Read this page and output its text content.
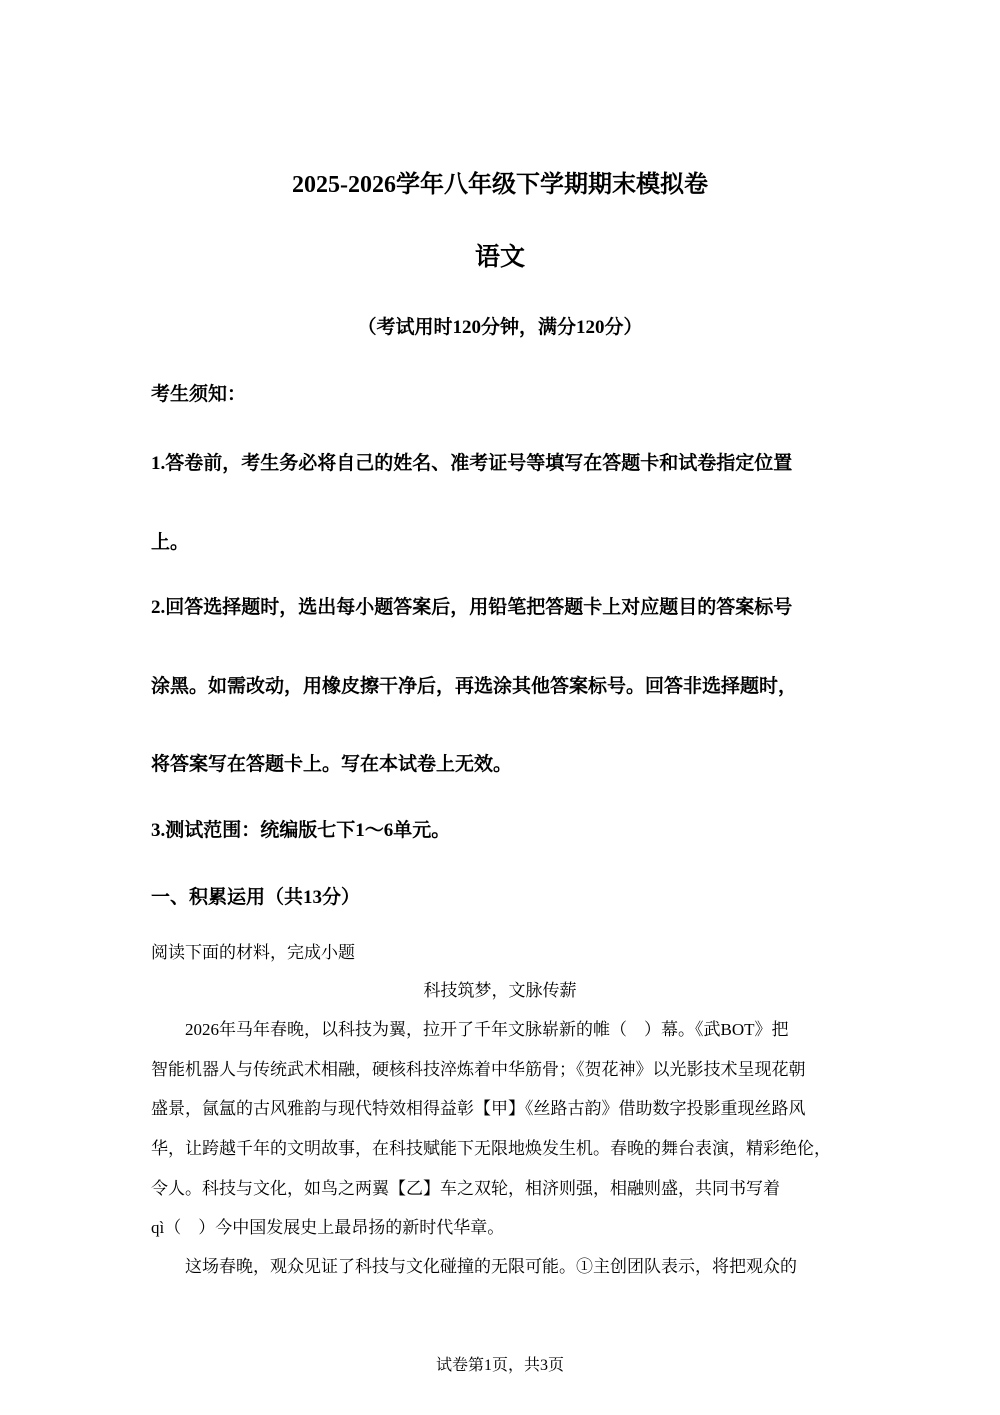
2025-2026学年八年级下学期期末模拟卷
语文
（考试用时120分钟，满分120分）
考生须知：
1.答卷前，考生务必将自己的姓名、准考证号等填写在答题卡和试卷指定位置
上。
2.回答选择题时，选出每小题答案后，用铅笔把答题卡上对应题目的答案标号
涂黑。如需改动，用橡皮擦干净后，再选涂其他答案标号。回答非选择题时，
将答案写在答题卡上。写在本试卷上无效。
3.测试范围：统编版七下1～6单元。
一、积累运用（共13分）
阅读下面的材料，完成小题
科技筑梦，文脉传薪
　　2026年马年春晚，以科技为翼，拉开了千年文脉崭新的帷（　）幕。《武BOT》把
智能机器人与传统武术相融，硬核科技淬炼着中华筋骨；《贺花神》以光影技术呈现花朝
盛景，氤氲的古风雅韵与现代特效相得益彰【甲】《丝路古韵》借助数字投影重现丝路风
华，让跨越千年的文明故事，在科技赋能下无限地焕发生机。春晚的舞台表演，精彩绝伦，
令人。科技与文化，如鸟之两翼【乙】车之双轮，相济则强，相融则盛，共同书写着
qì（　）今中国发展史上最昂扬的新时代华章。
　　这场春晚，观众见证了科技与文化碰撞的无限可能。①主创团队表示，将把观众的
试卷第1页，共3页
